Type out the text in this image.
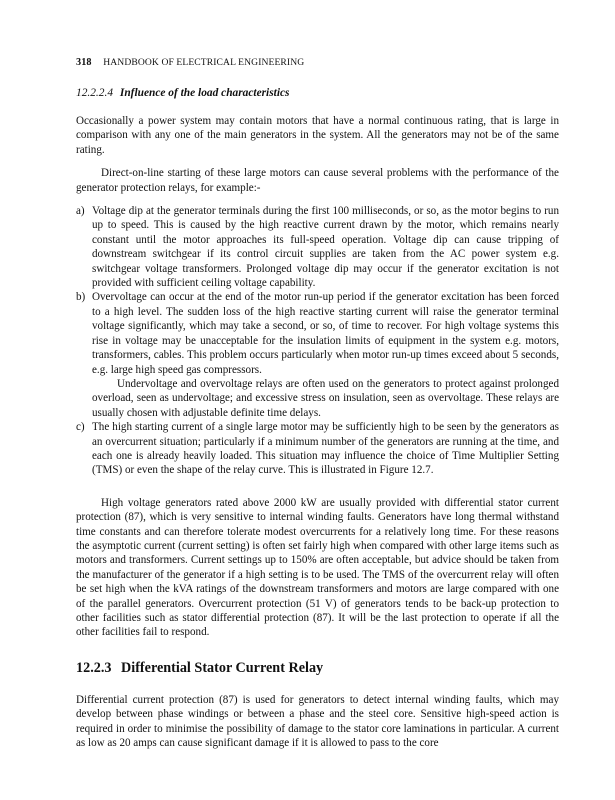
318 HANDBOOK OF ELECTRICAL ENGINEERING
12.2.2.4 Influence of the load characteristics

Occasionally a power system may contain motors that have a normal continuous rating, that is large in comparison with any one of the main generators in the system. All the generators may not be of the same rating.

Direct-on-line starting of these large motors can cause several problems with the performance of the generator protection relays, for example:-

a) Voltage dip at the generator terminals during the first 100 milliseconds, or so, as the motor begins to run up to speed. This is caused by the high reactive current drawn by the motor, which remains nearly constant until the motor approaches its full-speed operation. Voltage dip can cause tripping of downstream switchgear if its control circuit supplies are taken from the AC power system e.g. switchgear voltage transformers. Prolonged voltage dip may occur if the generator excitation is not provided with sufficient ceiling voltage capability.
b) Overvoltage can occur at the end of the motor run-up period if the generator excitation has been forced to a high level. The sudden loss of the high reactive starting current will raise the generator terminal voltage significantly, which may take a second, or so, of time to recover. For high voltage systems this rise in voltage may be unacceptable for the insulation limits of equipment in the system e.g. motors, transformers, cables. This problem occurs particularly when motor run-up times exceed about 5 seconds, e.g. large high speed gas compressors.

Undervoltage and overvoltage relays are often used on the generators to protect against prolonged overload, seen as undervoltage; and excessive stress on insulation, seen as overvoltage. These relays are usually chosen with adjustable definite time delays.

c) The high starting current of a single large motor may be sufficiently high to be seen by the generators as an overcurrent situation; particularly if a minimum number of the generators are running at the time, and each one is already heavily loaded. This situation may influence the choice of Time Multiplier Setting (TMS) or even the shape of the relay curve. This is illustrated in Figure 12.7.

High voltage generators rated above 2000 kW are usually provided with differential stator current protection (87), which is very sensitive to internal winding faults. Generators have long thermal withstand time constants and can therefore tolerate modest overcurrents for a relatively long time. For these reasons the asymptotic current (current setting) is often set fairly high when compared with other large items such as motors and transformers. Current settings up to 150% are often acceptable, but advice should be taken from the manufacturer of the generator if a high setting is to be used. The TMS of the overcurrent relay will often be set high when the kVA ratings of the downstream transformers and motors are large compared with one of the parallel generators. Overcurrent protection (51 V) of generators tends to be back-up protection to other facilities such as stator differential protection (87). It will be the last protection to operate if all the other facilities fail to respond.

12.2.3 Differential Stator Current Relay

Differential current protection (87) is used for generators to detect internal winding faults, which may develop between phase windings or between a phase and the steel core. Sensitive high-speed action is required in order to minimise the possibility of damage to the stator core laminations in particular. A current as low as 20 amps can cause significant damage if it is allowed to pass to the core
